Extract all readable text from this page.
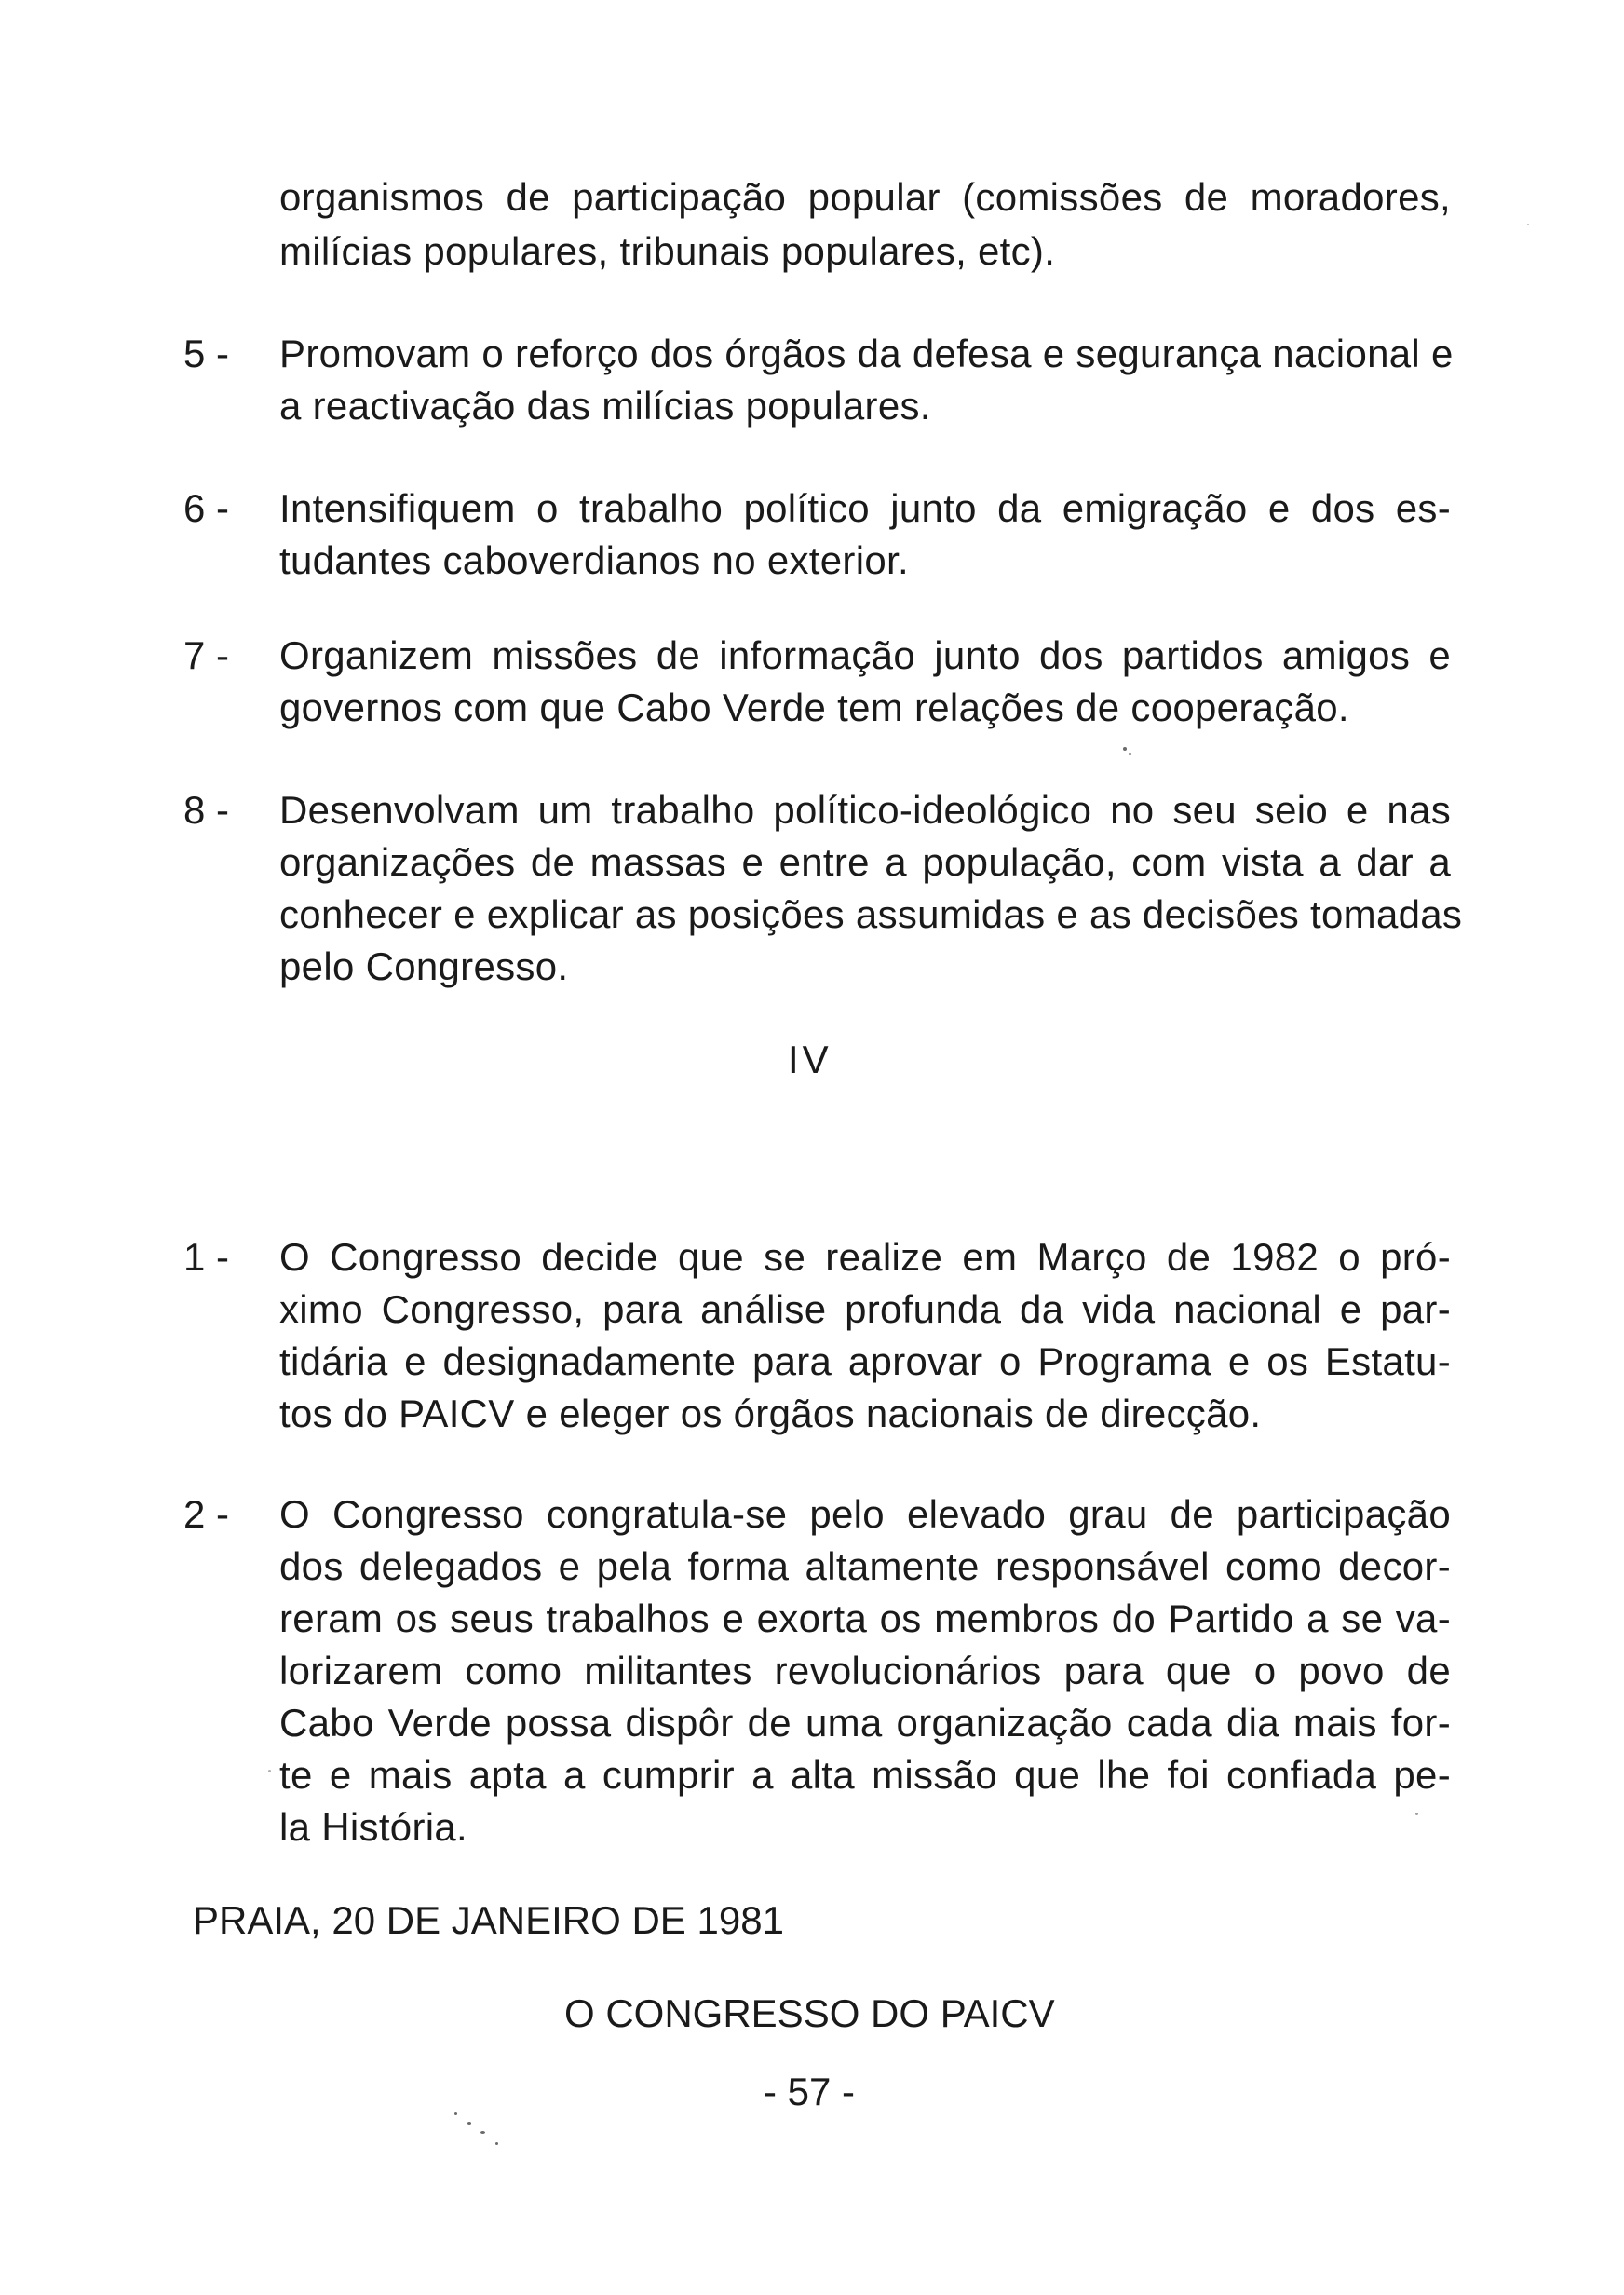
organismos de participação popular (comissões de moradores,
milícias populares, tribunais populares, etc).
5 - Promovam o reforço dos órgãos da defesa e segurança nacional e
a reactivação das milícias populares.
6 - Intensifiquem o trabalho político junto da emigração e dos es-
tudantes caboverdianos no exterior.
7 - Organizem missões de informação junto dos partidos amigos e
governos com que Cabo Verde tem relações de cooperação.
8 - Desenvolvam um trabalho político-ideológico no seu seio e nas
organizações de massas e entre a população, com vista a dar a
conhecer e explicar as posições assumidas e as decisões tomadas
pelo Congresso.
IV
1 - O Congresso decide que se realize em Março de 1982 o pró-
ximo Congresso, para análise profunda da vida nacional e par-
tidária e designadamente para aprovar o Programa e os Estatu-
tos do PAICV e eleger os órgãos nacionais de direcção.
2 - O Congresso congratula-se pelo elevado grau de participação
dos delegados e pela forma altamente responsável como decor-
reram os seus trabalhos e exorta os membros do Partido a se va-
lorizarem como militantes revolucionários para que o povo de
Cabo Verde possa dispôr de uma organização cada dia mais for-
te e mais apta a cumprir a alta missão que lhe foi confiada pe-
la História.
PRAIA, 20 DE JANEIRO DE 1981
O CONGRESSO DO PAICV
- 57 -
